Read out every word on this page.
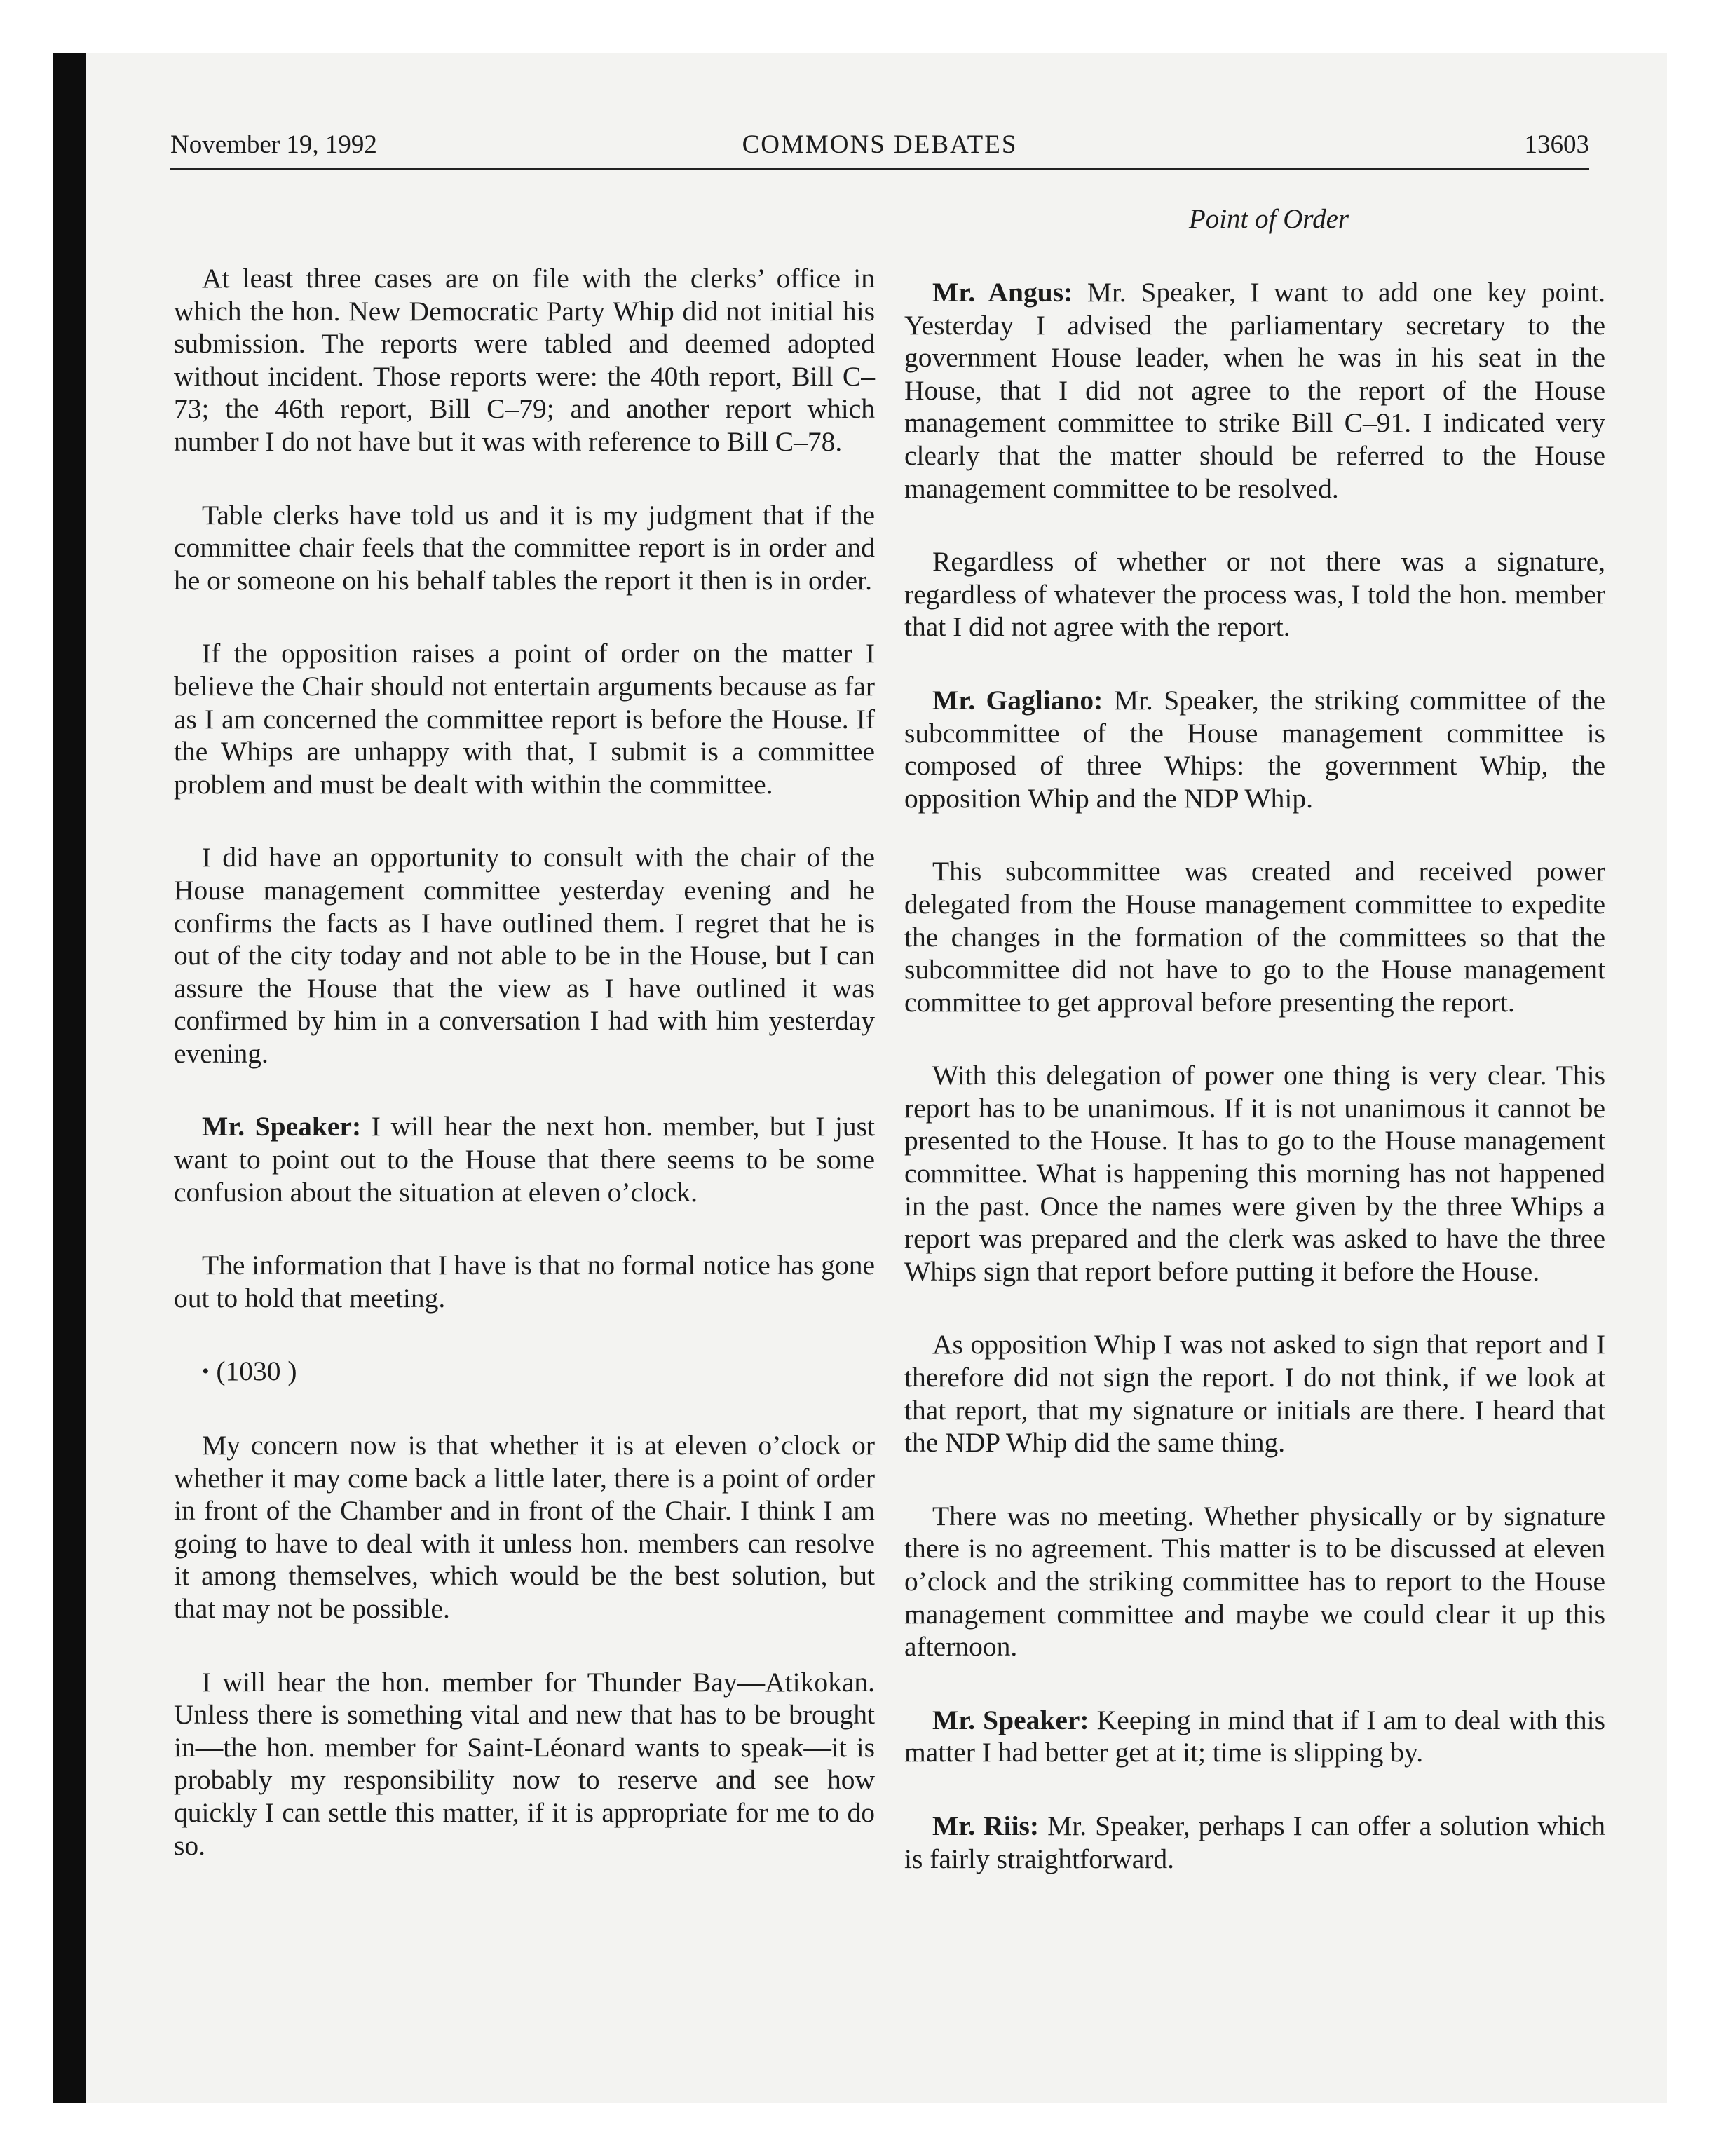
November 19, 1992	COMMONS DEBATES	13603

At least three cases are on file with the clerks’ office in which the hon. New Democratic Party Whip did not initial his submission. The reports were tabled and deemed adopted without incident. Those reports were: the 40th report, Bill C–73; the 46th report, Bill C–79; and another report which number I do not have but it was with reference to Bill C–78.

Table clerks have told us and it is my judgment that if the committee chair feels that the committee report is in order and he or someone on his behalf tables the report it then is in order.

If the opposition raises a point of order on the matter I believe the Chair should not entertain arguments because as far as I am concerned the committee report is before the House. If the Whips are unhappy with that, I submit is a committee problem and must be dealt with within the committee.

I did have an opportunity to consult with the chair of the House management committee yesterday evening and he confirms the facts as I have outlined them. I regret that he is out of the city today and not able to be in the House, but I can assure the House that the view as I have outlined it was confirmed by him in a conversation I had with him yesterday evening.

Mr. Speaker: I will hear the next hon. member, but I just want to point out to the House that there seems to be some confusion about the situation at eleven o’clock.

The information that I have is that no formal notice has gone out to hold that meeting.

• (1030 )

My concern now is that whether it is at eleven o’clock or whether it may come back a little later, there is a point of order in front of the Chamber and in front of the Chair. I think I am going to have to deal with it unless hon. members can resolve it among themselves, which would be the best solution, but that may not be possible.

I will hear the hon. member for Thunder Bay—Atikokan. Unless there is something vital and new that has to be brought in—the hon. member for Saint-Léonard wants to speak—it is probably my responsibility now to reserve and see how quickly I can settle this matter, if it is appropriate for me to do so.

Point of Order

Mr. Angus: Mr. Speaker, I want to add one key point. Yesterday I advised the parliamentary secretary to the government House leader, when he was in his seat in the House, that I did not agree to the report of the House management committee to strike Bill C–91. I indicated very clearly that the matter should be referred to the House management committee to be resolved.

Regardless of whether or not there was a signature, regardless of whatever the process was, I told the hon. member that I did not agree with the report.

Mr. Gagliano: Mr. Speaker, the striking committee of the subcommittee of the House management committee is composed of three Whips: the government Whip, the opposition Whip and the NDP Whip.

This subcommittee was created and received power delegated from the House management committee to expedite the changes in the formation of the committees so that the subcommittee did not have to go to the House management committee to get approval before presenting the report.

With this delegation of power one thing is very clear. This report has to be unanimous. If it is not unanimous it cannot be presented to the House. It has to go to the House management committee. What is happening this morning has not happened in the past. Once the names were given by the three Whips a report was prepared and the clerk was asked to have the three Whips sign that report before putting it before the House.

As opposition Whip I was not asked to sign that report and I therefore did not sign the report. I do not think, if we look at that report, that my signature or initials are there. I heard that the NDP Whip did the same thing.

There was no meeting. Whether physically or by signature there is no agreement. This matter is to be discussed at eleven o’clock and the striking committee has to report to the House management committee and maybe we could clear it up this afternoon.

Mr. Speaker: Keeping in mind that if I am to deal with this matter I had better get at it; time is slipping by.

Mr. Riis: Mr. Speaker, perhaps I can offer a solution which is fairly straightforward.
